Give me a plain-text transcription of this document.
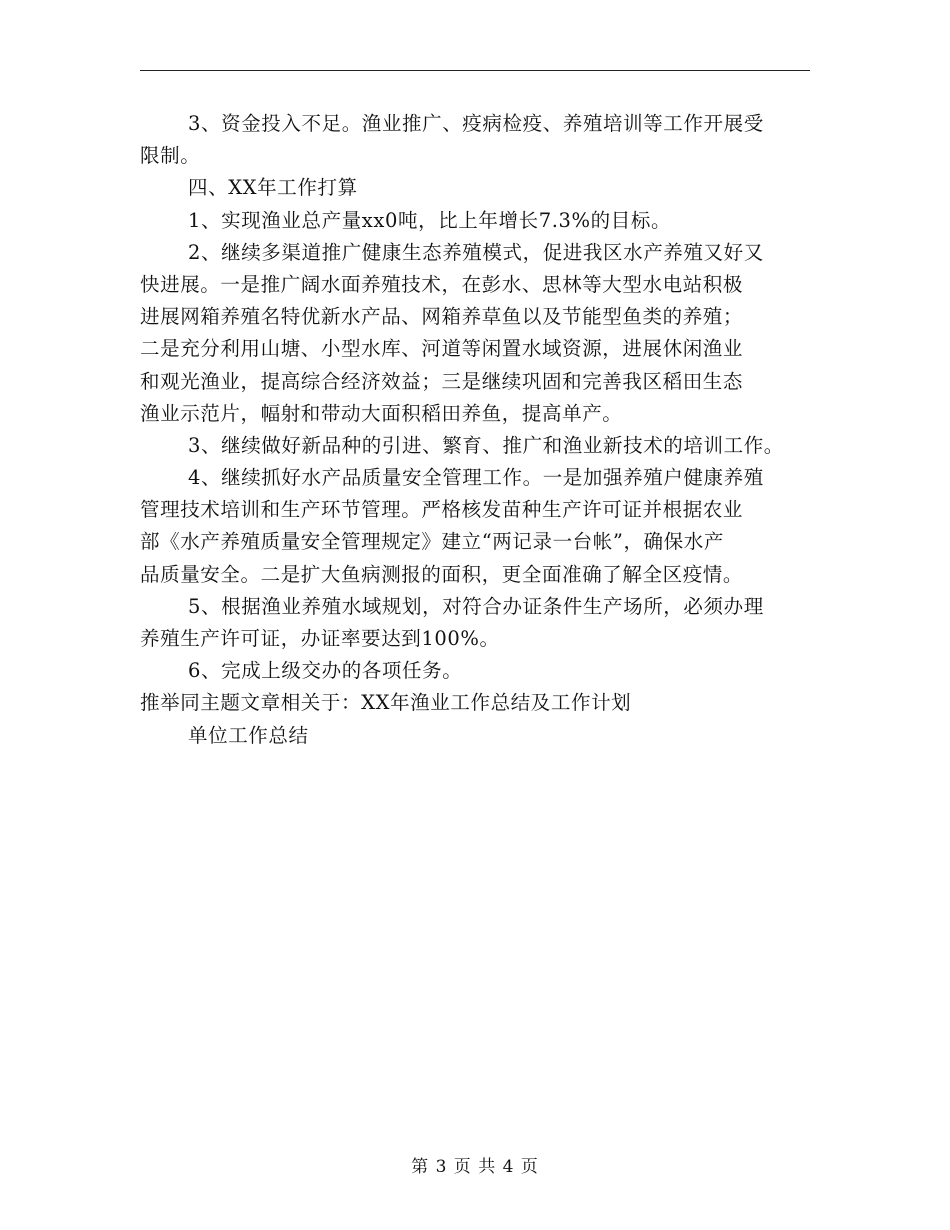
3、资金投入不足。渔业推广、疫病检疫、养殖培训等工作开展受
限制。
四、XX年工作打算
1、实现渔业总产量xx0吨，比上年增长7.3%的目标。
2、继续多渠道推广健康生态养殖模式，促进我区水产养殖又好又
快进展。一是推广阔水面养殖技术，在彭水、思林等大型水电站积极
进展网箱养殖名特优新水产品、网箱养草鱼以及节能型鱼类的养殖；
二是充分利用山塘、小型水库、河道等闲置水域资源，进展休闲渔业
和观光渔业，提高综合经济效益；三是继续巩固和完善我区稻田生态
渔业示范片，幅射和带动大面积稻田养鱼，提高单产。
3、继续做好新品种的引进、繁育、推广和渔业新技术的培训工作。
4、继续抓好水产品质量安全管理工作。一是加强养殖户健康养殖
管理技术培训和生产环节管理。严格核发苗种生产许可证并根据农业
部《水产养殖质量安全管理规定》建立“两记录一台帐”，确保水产
品质量安全。二是扩大鱼病测报的面积，更全面准确了解全区疫情。
5、根据渔业养殖水域规划，对符合办证条件生产场所，必须办理
养殖生产许可证，办证率要达到100%。
6、完成上级交办的各项任务。
推举同主题文章相关于：XX年渔业工作总结及工作计划
单位工作总结
第 3 页 共 4 页
